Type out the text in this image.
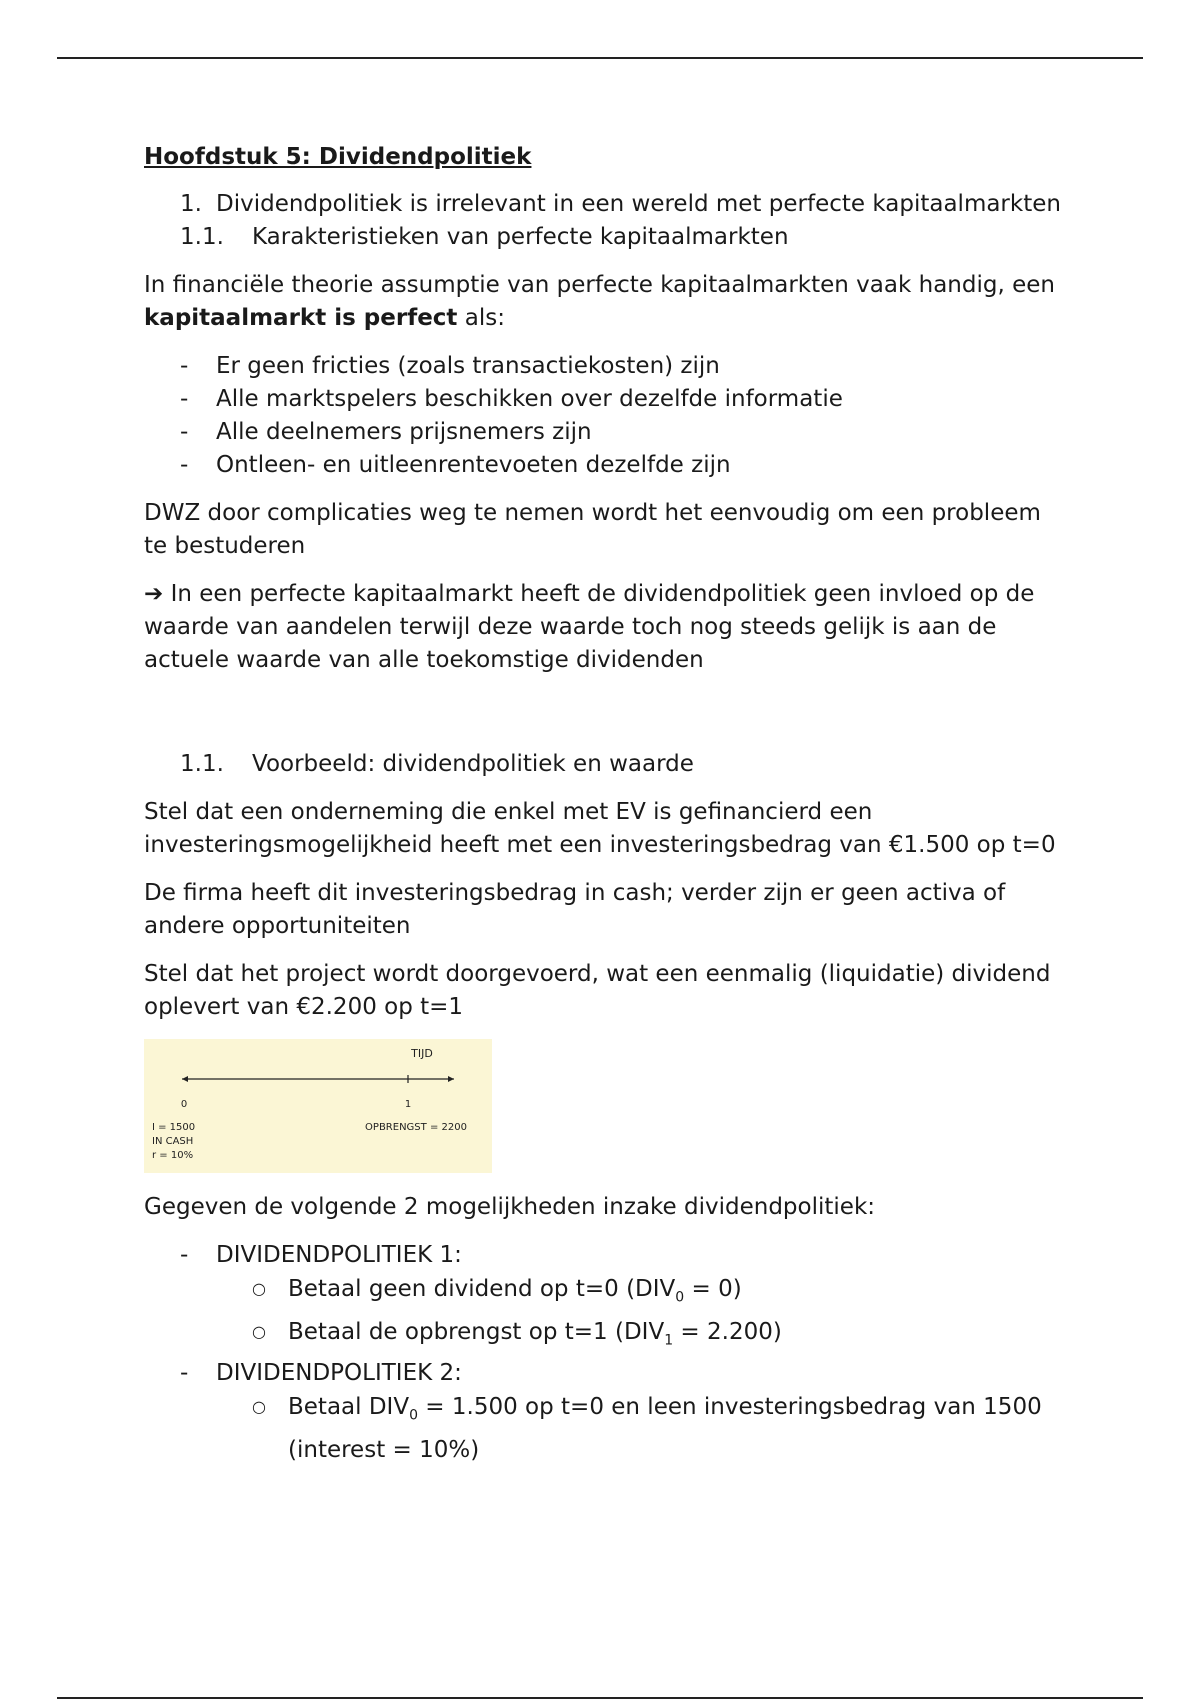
Hoofdstuk 5: Dividendpolitiek
1. Dividendpolitiek is irrelevant in een wereld met perfecte kapitaalmarkten
1.1.	Karakteristieken van perfecte kapitaalmarkten

In financiële theorie assumptie van perfecte kapitaalmarkten vaak handig, een kapitaalmarkt is perfect als:

-	Er geen fricties (zoals transactiekosten) zijn
-	Alle marktspelers beschikken over dezelfde informatie
-	Alle deelnemers prijsnemers zijn
-	Ontleen- en uitleenrentevoeten dezelfde zijn

DWZ door complicaties weg te nemen wordt het eenvoudig om een probleem te bestuderen

➔ In een perfecte kapitaalmarkt heeft de dividendpolitiek geen invloed op de waarde van aandelen terwijl deze waarde toch nog steeds gelijk is aan de actuele waarde van alle toekomstige dividenden

1.1.	Voorbeeld: dividendpolitiek en waarde

Stel dat een onderneming die enkel met EV is gefinancierd een investeringsmogelijkheid heeft met een investeringsbedrag van €1.500 op t=0

De firma heeft dit investeringsbedrag in cash; verder zijn er geen activa of andere opportuniteiten

Stel dat het project wordt doorgevoerd, wat een eenmalig (liquidatie) dividend oplevert van €2.200 op t=1

TIJD
0	1
I = 1500
IN CASH
r = 10%
OPBRENGST = 2200

Gegeven de volgende 2 mogelijkheden inzake dividendpolitiek:

-	DIVIDENDPOLITIEK 1:
○ Betaal geen dividend op t=0 $(DIV_0 = 0)$
○ Betaal de opbrengst op t=1 $(DIV_1 = 2.200)$
-	DIVIDENDPOLITIEK 2:
○ Betaal $DIV_0 = 1.500$ op t=0 en leen investeringsbedrag van 1500 (interest = 10%)
